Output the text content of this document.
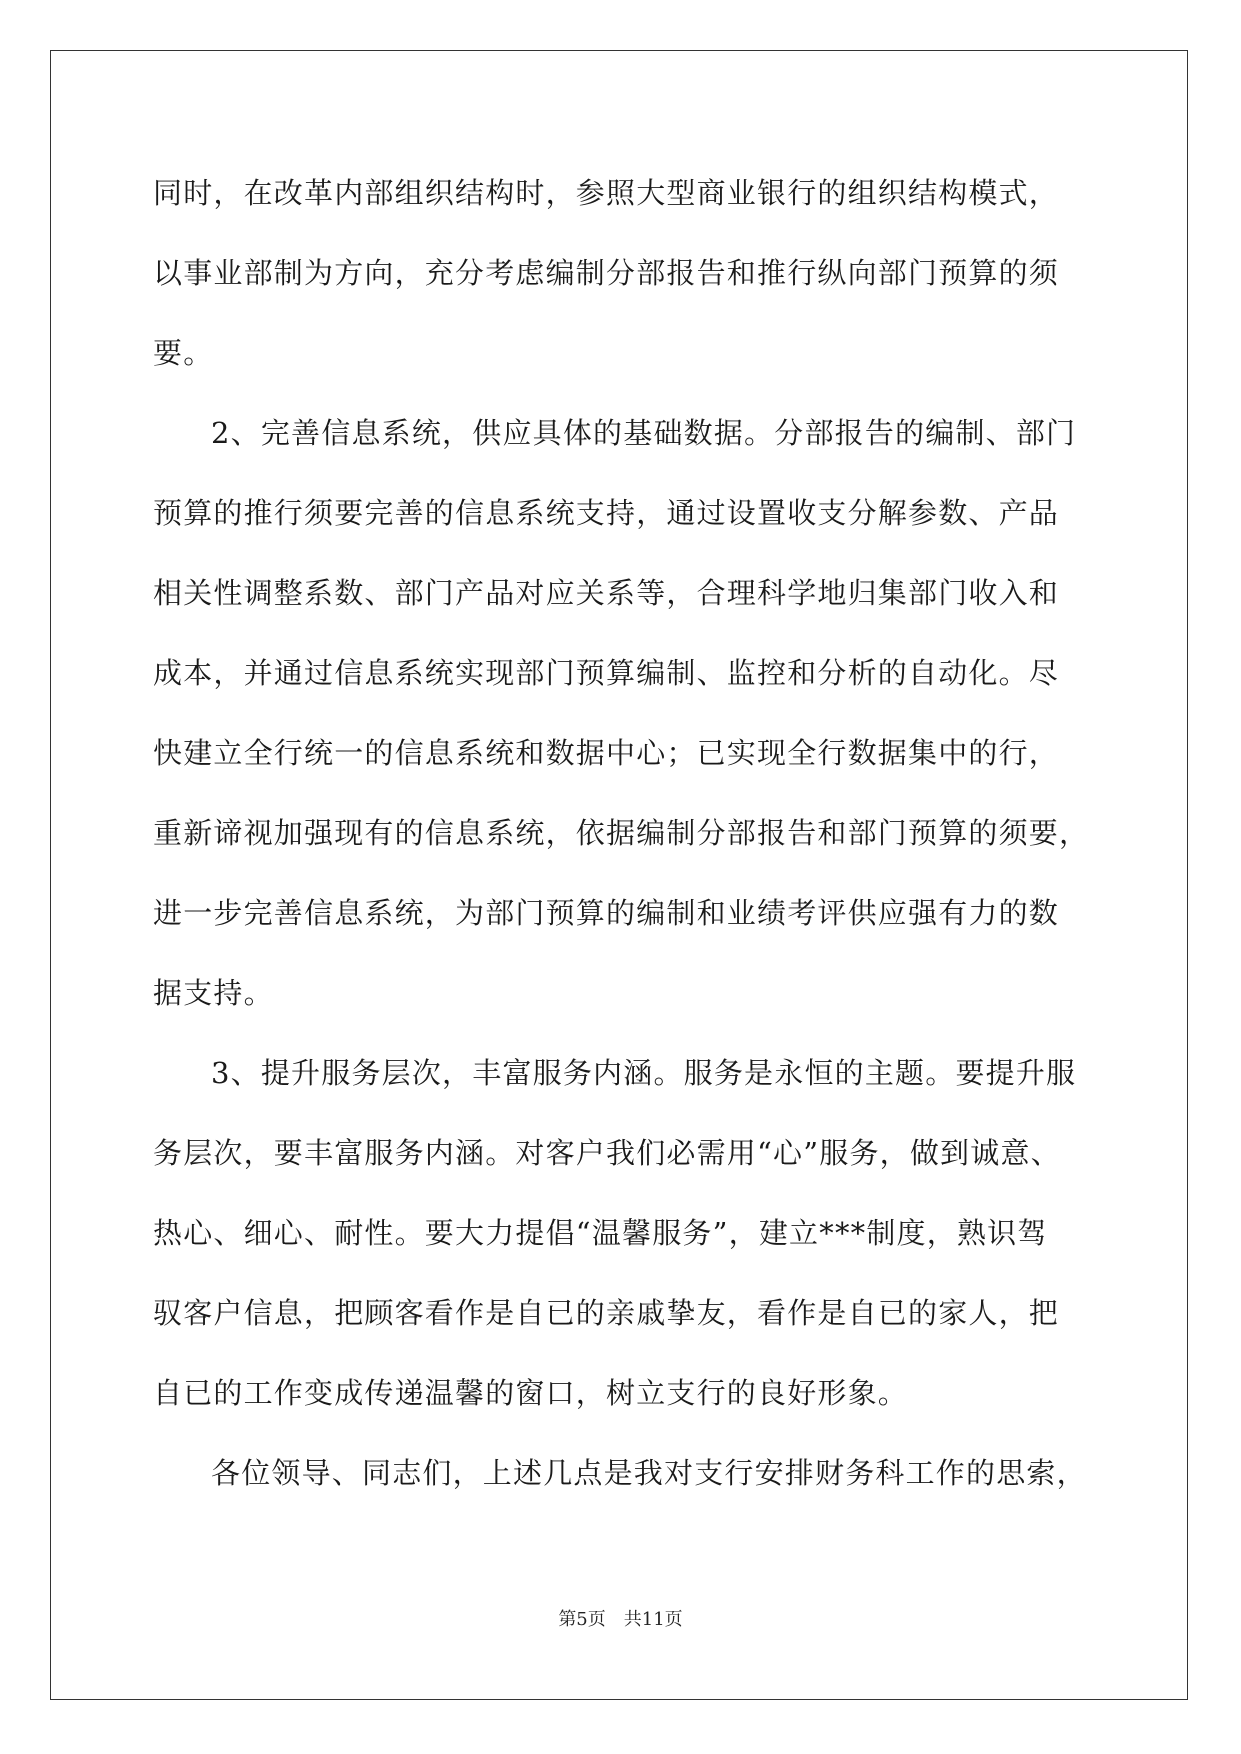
同时，在改革内部组织结构时，参照大型商业银行的组织结构模式，
以事业部制为方向，充分考虑编制分部报告和推行纵向部门预算的须
要。
2、完善信息系统，供应具体的基础数据。分部报告的编制、部门
预算的推行须要完善的信息系统支持，通过设置收支分解参数、产品
相关性调整系数、部门产品对应关系等，合理科学地归集部门收入和
成本，并通过信息系统实现部门预算编制、监控和分析的自动化。尽
快建立全行统一的信息系统和数据中心；已实现全行数据集中的行，
重新谛视加强现有的信息系统，依据编制分部报告和部门预算的须要，
进一步完善信息系统，为部门预算的编制和业绩考评供应强有力的数
据支持。
3、提升服务层次，丰富服务内涵。服务是永恒的主题。要提升服
务层次，要丰富服务内涵。对客户我们必需用“心”服务，做到诚意、
热心、细心、耐性。要大力提倡“温馨服务”，建立***制度，熟识驾
驭客户信息，把顾客看作是自已的亲戚挚友，看作是自已的家人，把
自已的工作变成传递温馨的窗口，树立支行的良好形象。
各位领导、同志们，上述几点是我对支行安排财务科工作的思索，
第5页　共11页
